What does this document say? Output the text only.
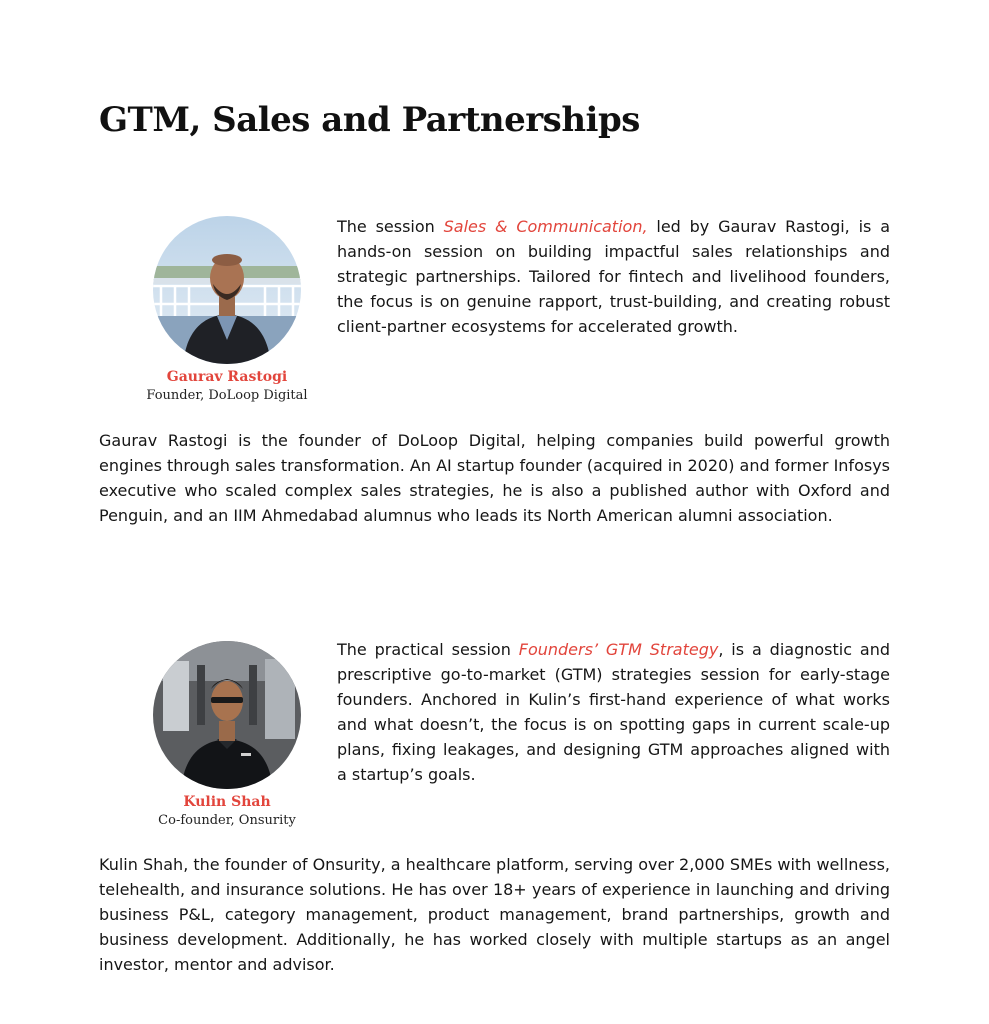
GTM, Sales and Partnerships
Gaurav Rastogi
Founder, DoLoop Digital

The session Sales & Communication, led by Gaurav Rastogi, is a hands-on session on building impactful sales relationships and strategic partnerships. Tailored for fintech and livelihood founders, the focus is on genuine rapport, trust-building, and creating robust client-partner ecosystems for accelerated growth.

Gaurav Rastogi is the founder of DoLoop Digital, helping companies build powerful growth engines through sales transformation. An AI startup founder (acquired in 2020) and former Infosys executive who scaled complex sales strategies, he is also a published author with Oxford and Penguin, and an IIM Ahmedabad alumnus who leads its North American alumni association.

Kulin Shah
Co-founder, Onsurity

The practical session Founders’ GTM Strategy, is a diagnostic and prescriptive go-to-market (GTM) strategies session for early-stage founders. Anchored in Kulin’s first-hand experience of what works and what doesn’t, the focus is on spotting gaps in current scale-up plans, fixing leakages, and designing GTM approaches aligned with a startup’s goals.

Kulin Shah, the founder of Onsurity, a healthcare platform, serving over 2,000 SMEs with wellness, telehealth, and insurance solutions. He has over 18+ years of experience in launching and driving business P&L, category management, product management, brand partnerships, growth and business development. Additionally, he has worked closely with multiple startups as an angel investor, mentor and advisor.
